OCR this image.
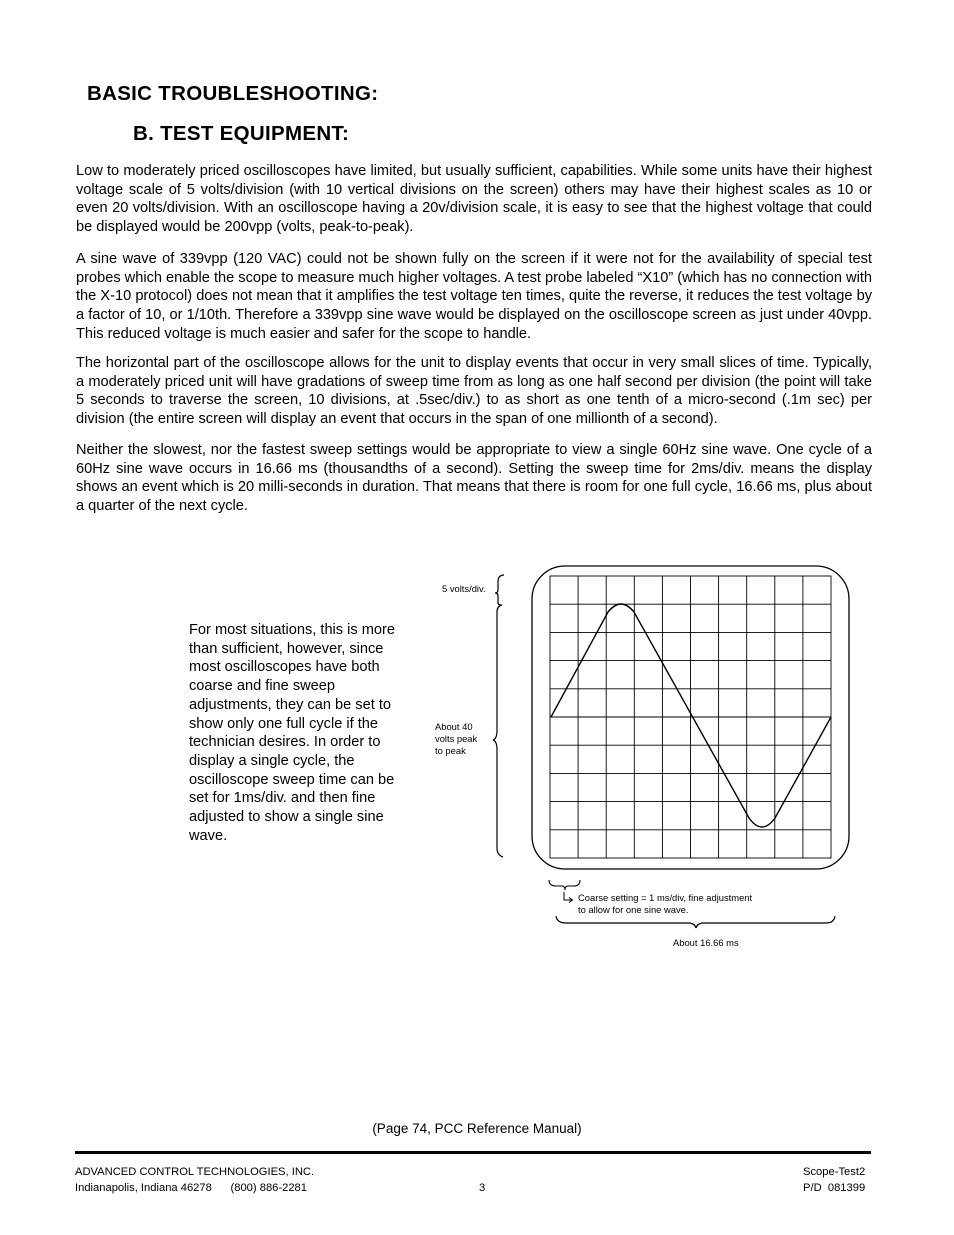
BASIC TROUBLESHOOTING:
B. TEST EQUIPMENT:

Low to moderately priced oscilloscopes have limited, but usually sufficient, capabilities. While some units have their highest voltage scale of 5 volts/division (with 10 vertical divisions on the screen) others may have their highest scales as 10 or even 20 volts/division. With an oscilloscope having a 20v/division scale, it is easy to see that the highest voltage that could be displayed would be 200vpp (volts, peak-to-peak).

A sine wave of 339vpp (120 VAC) could not be shown fully on the screen if it were not for the availability of special test probes which enable the scope to measure much higher voltages. A test probe labeled “X10” (which has no connection with the X-10 protocol) does not mean that it amplifies the test voltage ten times, quite the reverse, it reduces the test voltage by a factor of 10, or 1/10th. Therefore a 339vpp sine wave would be displayed on the oscilloscope screen as just under 40vpp. This reduced voltage is much easier and safer for the scope to handle.

The horizontal part of the oscilloscope allows for the unit to display events that occur in very small slices of time. Typically, a moderately priced unit will have gradations of sweep time from as long as one half second per division (the point will take 5 seconds to traverse the screen, 10 divisions, at .5sec/div.) to as short as one tenth of a micro-second (.1m sec) per division (the entire screen will display an event that occurs in the span of one millionth of a second).

Neither the slowest, nor the fastest sweep settings would be appropriate to view a single 60Hz sine wave. One cycle of a 60Hz sine wave occurs in 16.66 ms (thousandths of a second). Setting the sweep time for 2ms/div. means the display shows an event which is 20 milli-seconds in duration. That means that there is room for one full cycle, 16.66 ms, plus about a quarter of the next cycle.

For most situations, this is more than sufficient, however, since most oscilloscopes have both coarse and fine sweep adjustments, they can be set to show only one full cycle if the technician desires. In order to display a single cycle, the oscilloscope sweep time can be set for 1ms/div. and then fine adjusted to show a single sine wave.

5 volts/div.
About 40
volts peak
to peak
Coarse setting = 1 ms/div, fine adjustment
to allow for one sine wave.
About 16.66 ms
(Page 74, PCC Reference Manual)
ADVANCED CONTROL TECHNOLOGIES, INC.
Indianapolis, Indiana 46278      (800) 886-2281	3
Scope-Test2
P/D  081399
